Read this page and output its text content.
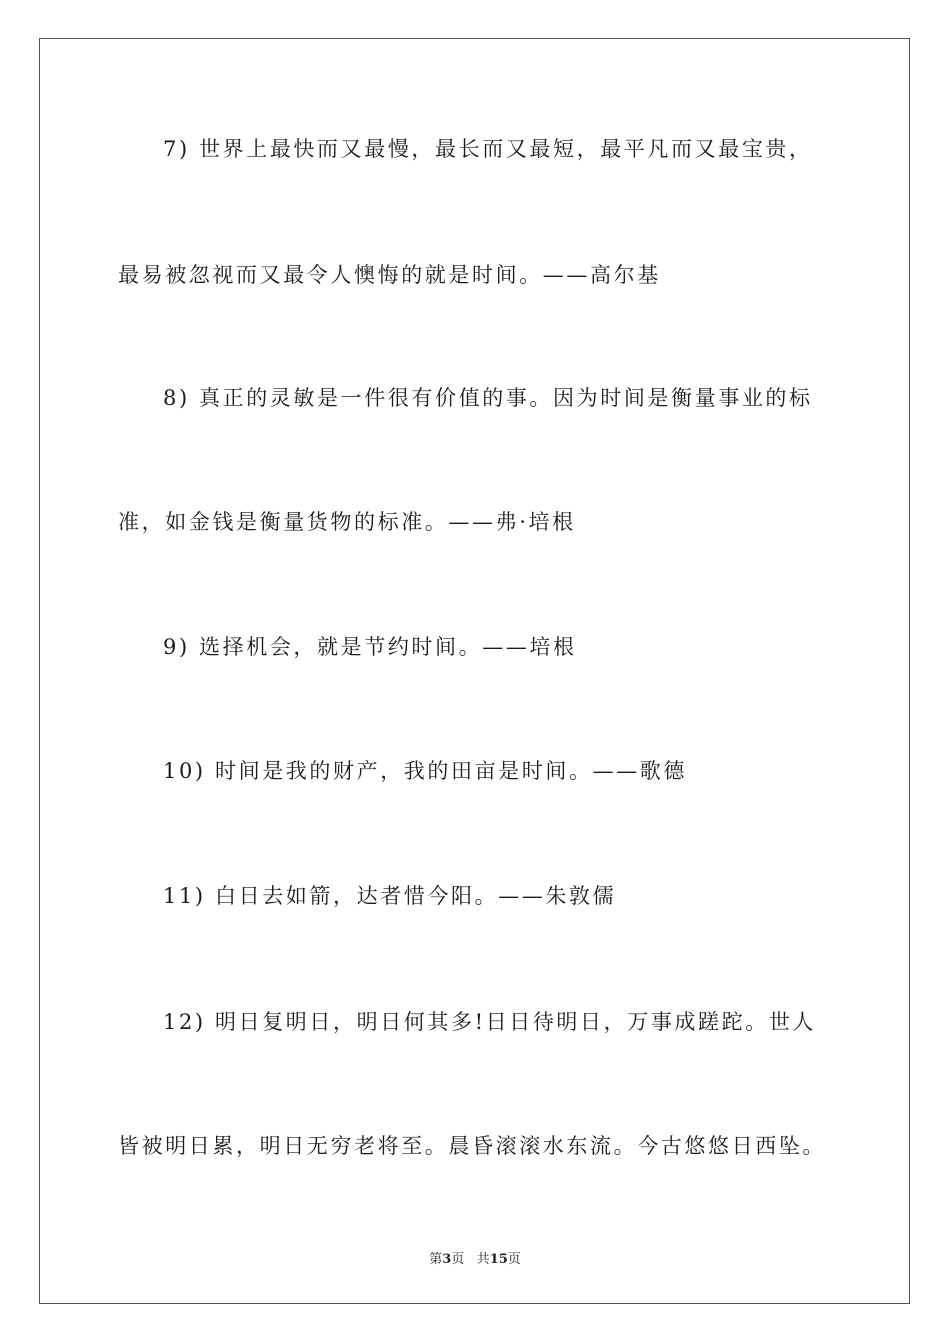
7) 世界上最快而又最慢，最长而又最短，最平凡而又最宝贵，
最易被忽视而又最令人懊悔的就是时间。——高尔基
8) 真正的灵敏是一件很有价值的事。因为时间是衡量事业的标
准，如金钱是衡量货物的标准。——弗·培根
9) 选择机会，就是节约时间。——培根
10) 时间是我的财产，我的田亩是时间。——歌德
11) 白日去如箭，达者惜今阳。——朱敦儒
12) 明日复明日，明日何其多!日日待明日，万事成蹉跎。世人
皆被明日累，明日无穷老将至。晨昏滚滚水东流。今古悠悠日西坠。
第3页 共15页
